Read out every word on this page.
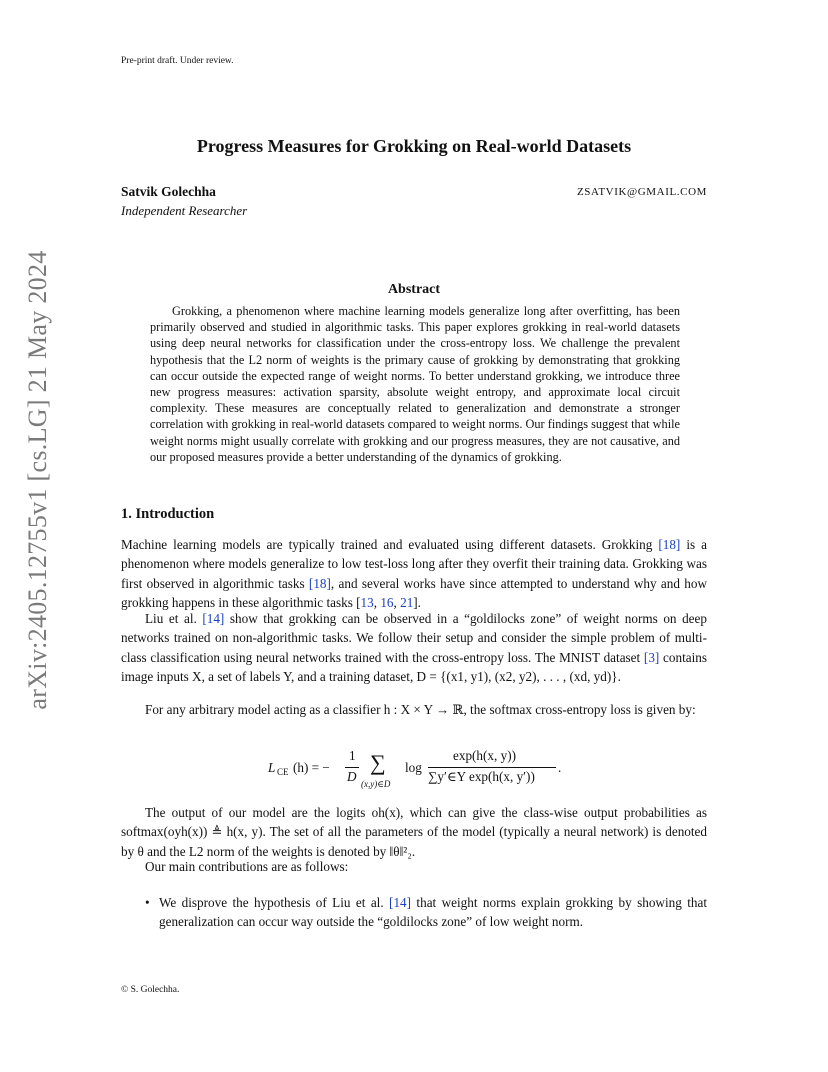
Pre-print draft. Under review.
arXiv:2405.12755v1 [cs.LG] 21 May 2024
Progress Measures for Grokking on Real-world Datasets
Satvik Golechha	ZSATVIK@GMAIL.COM
Independent Researcher
Abstract
Grokking, a phenomenon where machine learning models generalize long after overfitting, has been primarily observed and studied in algorithmic tasks. This paper explores grokking in real-world datasets using deep neural networks for classification under the cross-entropy loss. We challenge the prevalent hypothesis that the L2 norm of weights is the primary cause of grokking by demonstrating that grokking can occur outside the expected range of weight norms. To better understand grokking, we introduce three new progress measures: activation sparsity, absolute weight entropy, and approximate local circuit complexity. These measures are conceptually related to generalization and demonstrate a stronger correlation with grokking in real-world datasets compared to weight norms. Our findings suggest that while weight norms might usually correlate with grokking and our progress measures, they are not causative, and our proposed measures provide a better understanding of the dynamics of grokking.
1. Introduction
Machine learning models are typically trained and evaluated using different datasets. Grokking [18] is a phenomenon where models generalize to low test-loss long after they overfit their training data. Grokking was first observed in algorithmic tasks [18], and several works have since attempted to understand why and how grokking happens in these algorithmic tasks [13, 16, 21].
Liu et al. [14] show that grokking can be observed in a “goldilocks zone” of weight norms on deep networks trained on non-algorithmic tasks. We follow their setup and consider the simple problem of multi-class classification using neural networks trained with the cross-entropy loss. The MNIST dataset [3] contains image inputs X, a set of labels Y, and a training dataset, D = {(x1, y1), (x2, y2), . . . , (xd, yd)}.
For any arbitrary model acting as a classifier h : X × Y → ℝ, the softmax cross-entropy loss is given by:
L CE (h) = −
1
D
∑
(x,y)∈D
log
exp(h(x, y))
∑y′∈Y exp(h(x, y′))
.
The output of our model are the logits oh(x), which can give the class-wise output probabilities as softmax(oyh(x)) ≜ h(x, y). The set of all the parameters of the model (typically a neural network) is denoted by θ and the L2 norm of the weights is denoted by ‖θ‖²₂.
Our main contributions are as follows:
• We disprove the hypothesis of Liu et al. [14] that weight norms explain grokking by showing that generalization can occur way outside the “goldilocks zone” of low weight norm.
© S. Golechha.
